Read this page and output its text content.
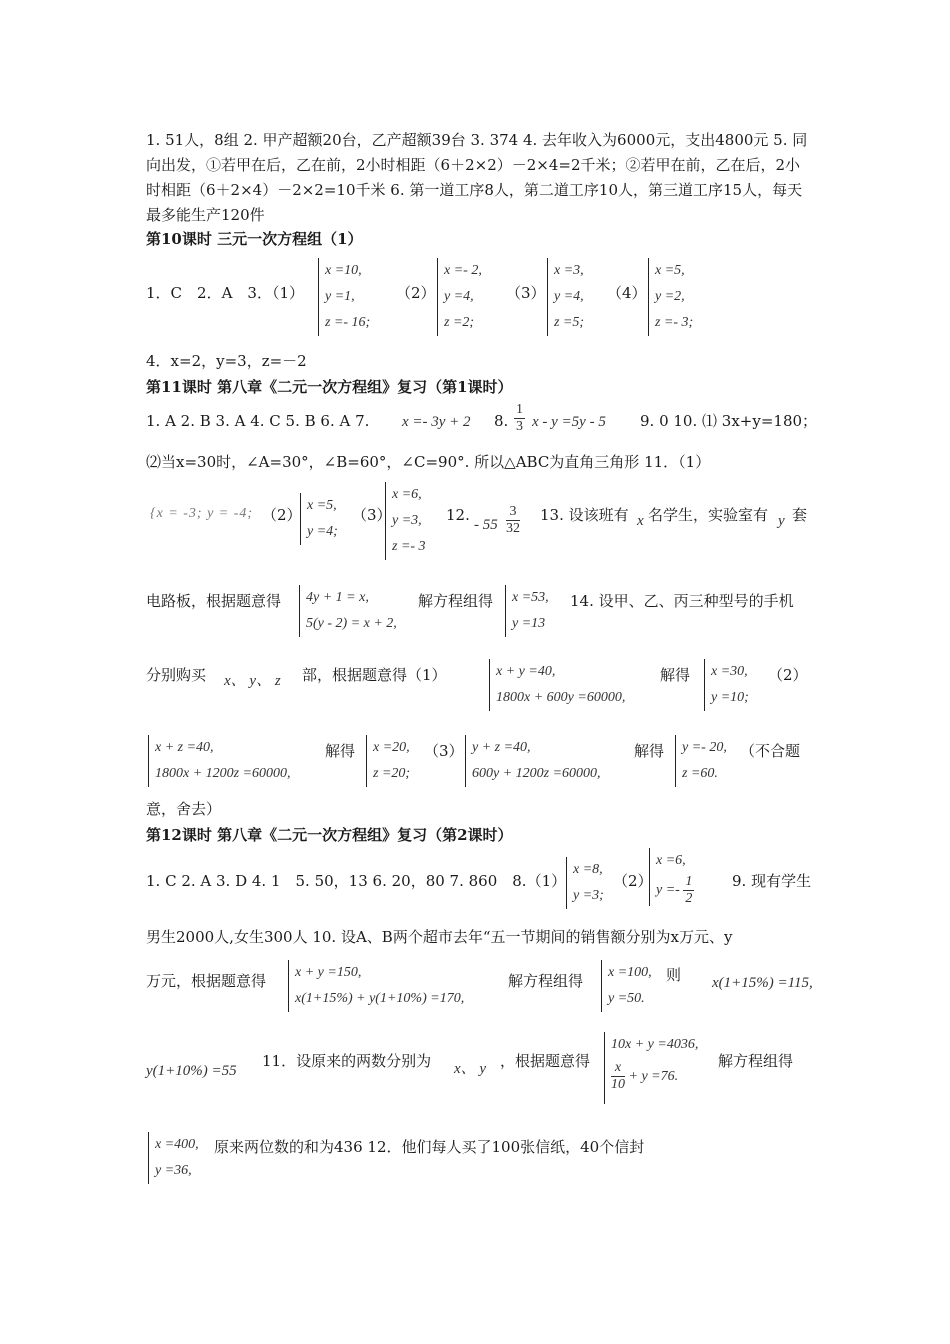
1. 51人，8组 2. 甲产超额20台，乙产超额39台 3. 374 4. 去年收入为6000元，支出4800元 5. 同向出发，①若甲在后，乙在前，2小时相距（6＋2×2）－2×4=2千米；②若甲在前，乙在后，2小时相距（6＋2×4）－2×2=10千米 6. 第一道工序8人，第二道工序10人，第三道工序15人，每天最多能生产120件
第10课时 三元一次方程组（1）
1．C　2．A　3．（1）
x =10,
y =1,
z =- 16;
（2）
x =- 2,
y =4,
z =2;
（3）
x =3,
y =4,
z =5;
（4）
x =5,
y =2,
z =- 3;
4．x=2，y=3，z=－2
第11课时 第八章《二元一次方程组》复习（第1课时）
1. A 2. B 3. A 4. C 5. B 6. A 7. x =- 3y + 2 8. $\frac{1}{3}$ x - y =5y - 5 9. 0 10. ⑴ 3x+y=180；
⑵当x=30时，∠A=30°，∠B=60°，∠C=90°. 所以△ABC为直角三角形 11．（1）
{x = -3; y = -4; （2）
x =5,
y =4;
（3）
x =6,
y =3,
z =- 3
12.
- $55 \frac{3}{32} 13$. 设该班有 x 名学生，实验室有 y 套
电路板，根据题意得 4y + 1 = x,
5(y - 2) = x + 2,
解方程组得 x =53,
y =13
14. 设甲、乙、丙三种型号的手机
分别购买 x、 y、 z 部，根据题意得（1）	x + y =40,
1800x + 600y =60000,
解得 x =30,
y =10;
（2）
x + z =40,
1800x + 1200z =60000,
解得 x =20,
z =20;
（3） y + z =40,
600y + 1200z =60000,
解得 y =- 20,
z =60.
（不合题
意，舍去）
第12课时 第八章《二元一次方程组》复习（第2课时）
1. C 2. A 3. D 4. 1　5. 50，13 6. 20，80 7. 860　8.（1）
x =8,
y =3;
（2）
x =6,
$y =- \frac{1}{2}$	9. 现有学生
男生2000人,女生300人 10. 设A、B两个超市去年“五一节期间的销售额分别为x万元、y
万元，根据题意得 x + y =150,
x(1+15%) + y(1+10%) =170,
解方程组得 x =100,
y =50.
则 x(1+15%) =115,
y(1+10%) =55
11．设原来的两数分别为 x、 y ，根据题意得
10x + y =4036,
$\frac{x}{10} + y =76$.
解方程组得
x =400,
y =36,
原来两位数的和为436 12．他们每人买了100张信纸，40个信封
